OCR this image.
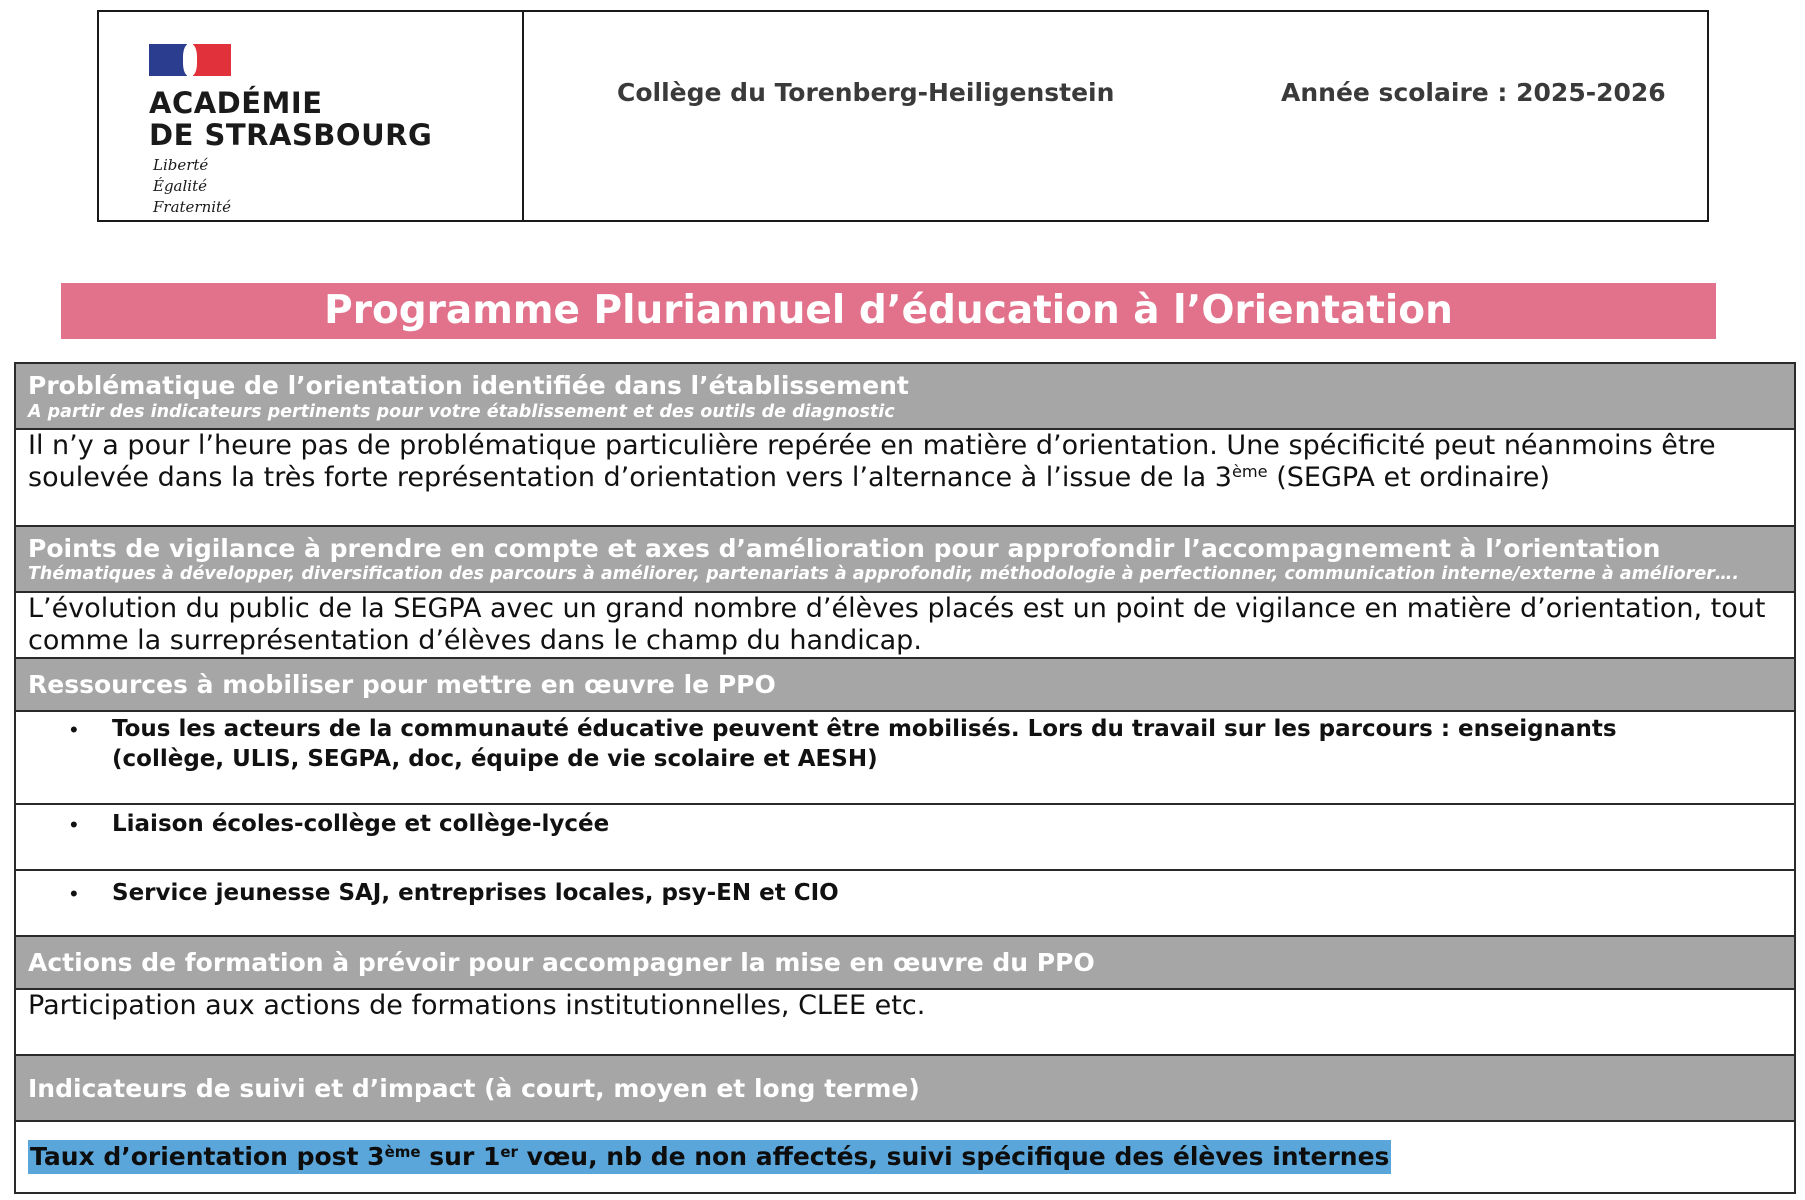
ACADÉMIE
DE STRASBOURG
Liberté
Égalité
Fraternité
Collège du Torenberg-Heiligenstein	Année scolaire : 2025-2026
Programme Pluriannuel d’éducation à l’Orientation
Problématique de l’orientation identifiée dans l’établissement
A partir des indicateurs pertinents pour votre établissement et des outils de diagnostic
Il n’y a pour l’heure pas de problématique particulière repérée en matière d’orientation. Une spécificité peut néanmoins être soulevée dans la très forte représentation d’orientation vers l’alternance à l’issue de la 3ème (SEGPA et ordinaire)
Points de vigilance à prendre en compte et axes d’amélioration pour approfondir l’accompagnement à l’orientation
Thématiques à développer, diversification des parcours à améliorer, partenariats à approfondir, méthodologie à perfectionner, communication interne/externe à améliorer….
L’évolution du public de la SEGPA avec un grand nombre d’élèves placés est un point de vigilance en matière d’orientation, tout comme la surreprésentation d’élèves dans le champ du handicap.
Ressources à mobiliser pour mettre en œuvre le PPO
• Tous les acteurs de la communauté éducative peuvent être mobilisés. Lors du travail sur les parcours : enseignants (collège, ULIS, SEGPA, doc, équipe de vie scolaire et AESH)
• Liaison écoles-collège et collège-lycée
• Service jeunesse SAJ, entreprises locales, psy-EN et CIO
Actions de formation à prévoir pour accompagner la mise en œuvre du PPO
Participation aux actions de formations institutionnelles, CLEE etc.
Indicateurs de suivi et d’impact (à court, moyen et long terme)
Taux d’orientation post 3ème sur 1er vœu, nb de non affectés, suivi spécifique des élèves internes
